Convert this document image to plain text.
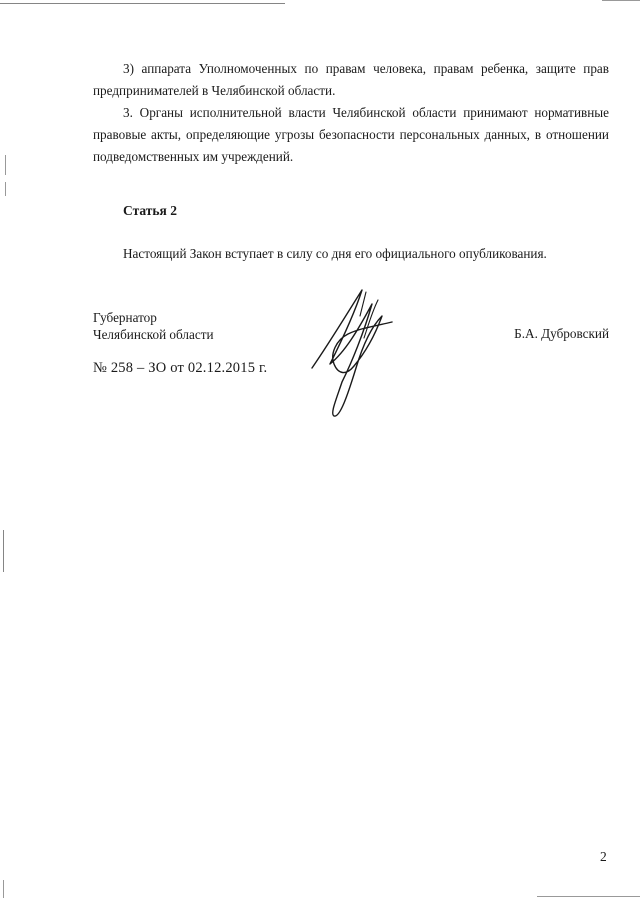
3) аппарата Уполномоченных по правам человека, правам ребенка, защите прав предпринимателей в Челябинской области.

3. Органы исполнительной власти Челябинской области принимают нормативные правовые акты, определяющие угрозы безопасности персональных данных, в отношении подведомственных им учреждений.

Статья 2

Настоящий Закон вступает в силу со дня его официального опубликования.

Губернатор
Челябинской области	Б.А. Дубровский
№ 258 – ЗО от 02.12.2015 г.
2
